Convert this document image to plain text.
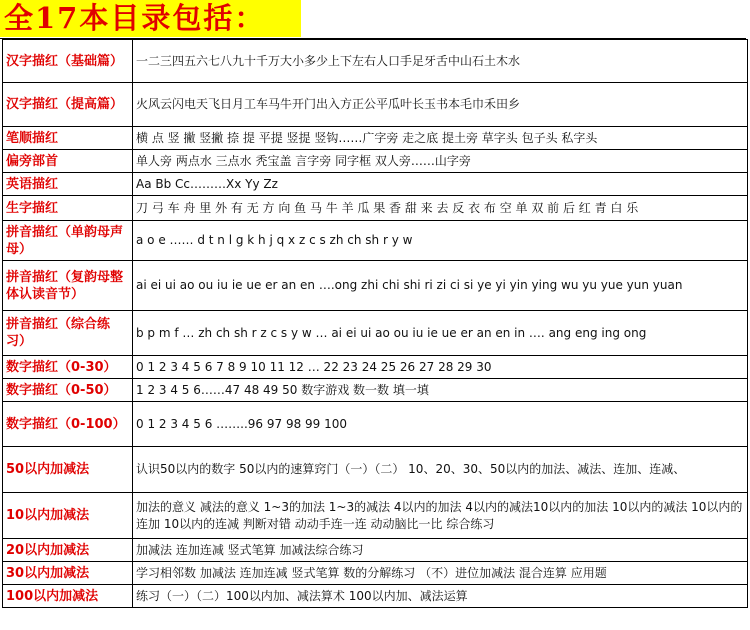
全17本目录包括：
汉字描红（基础篇）	一二三四五六七八九十千万大小多少上下左右人口手足牙舌中山石土木水
汉字描红（提高篇）	火风云闪电天飞日月工车马牛开门出入方正公平瓜叶长玉书本毛巾禾田乡
笔顺描红	横 点 竖 撇 竖撇 捺 提 平提 竖提 竖钩……广字旁 走之底 提土旁 草字头 包子头 私字头
偏旁部首	单人旁 两点水 三点水 秃宝盖 言字旁 同字框 双人旁……山字旁
英语描红	Aa Bb Cc………Xx Yy Zz
生字描红	刀 弓 车 舟 里 外 有 无 方 向 鱼 马 牛 羊 瓜 果 香 甜 来 去 反 衣 布 空 单 双 前 后 红 青 白 乐
拼音描红（单韵母声母）	a o e …… d t n l g k h j q x z c s zh ch sh r y w
拼音描红（复韵母整体认读音节）	ai ei ui ao ou iu ie ue er an en ….ong zhi chi shi ri zi ci si ye yi yin ying wu yu yue yun yuan
拼音描红（综合练习）	b p m f … zh ch sh r z c s y w … ai ei ui ao ou iu ie ue er an en in …. ang eng ing ong
数字描红（0-30）	0 1 2 3 4 5 6 7 8 9 10 11 12 … 22 23 24 25 26 27 28 29 30
数字描红（0-50）	1 2 3 4 5 6……47 48 49 50 数字游戏 数一数 填一填
数字描红（0-100）	0 1 2 3 4 5 6 ……..96 97 98 99 100
50以内加减法	认识50以内的数字 50以内的速算窍门（一）（二） 10、20、30、50以内的加法、减法、连加、连减、
10以内加减法	加法的意义 减法的意义 1~3的加法 1~3的减法 4以内的加法 4以内的减法10以内的加法 10以内的减法 10以内的连加 10以内的连减 判断对错 动动手连一连 动动脑比一比 综合练习
20以内加减法	加减法 连加连减 竖式笔算 加减法综合练习
30以内加减法	学习相邻数 加减法 连加连减 竖式笔算 数的分解练习 （不）进位加减法 混合连算 应用题
100以内加减法	练习（一）（二）100以内加、减法算术 100以内加、减法运算
